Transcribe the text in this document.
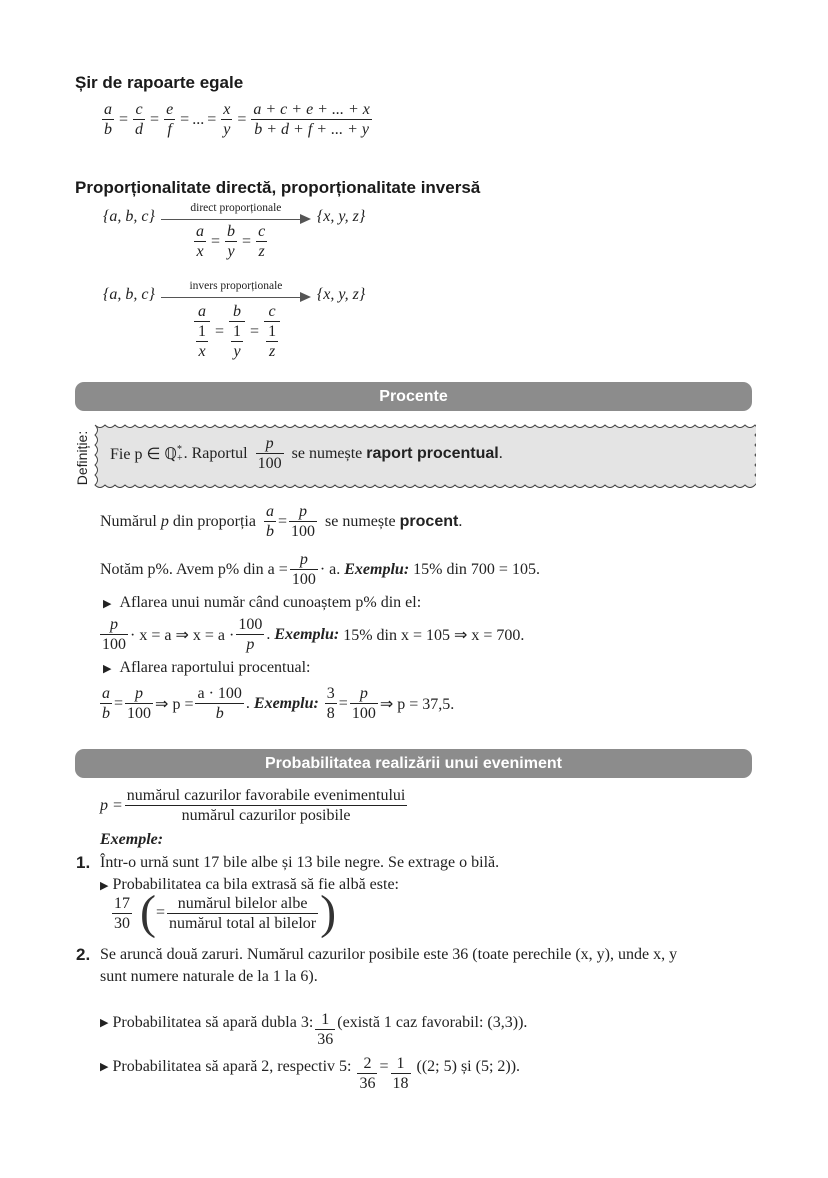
Șir de rapoarte egale
$\frac{a}{b} = \frac{c}{d} = \frac{e}{f}$ = ... = $\frac{x}{y} = \frac{a + c + e + ... + x}{b + d + f + ... + y}$
Proporționalitate directă, proporționalitate inversă
{a, b, c}	direct proporționale	{x, y, z}
$\frac{a}{x} = \frac{b}{y} = \frac{c}{z}$
{a, b, c}	invers proporționale	{x, y, z}
$\frac{a}{\frac{1}{x}} = \frac{b}{\frac{1}{y}} = \frac{c}{\frac{1}{z}}$
Procente
Definiție: Fie p ∈ ℚ *
+ . Raportul
p
100
se numește
raport procentual .
Numărul
p
din proporția $\frac{a}{b} = \frac{p}{100}$ se numește
procent .
Notăm p%. Avem p% din $a = \frac{p}{100} \cdot a$.
Exemplu:
15% din 700 = 105.
▶ Aflarea unui număr când cunoaștem p% din el:
p
100
· x = a ⇒ x = a ·
100
p
. Exemplu:
15% din x = 105 ⇒ x = 700.
▶ Aflarea raportului procentual:
$\frac{a}{b} = \frac{p}{100}$ ⇒ $p = \frac{a \cdot 100}{b}$ . Exemplu:
$\frac{3}{8} = \frac{p}{100}$ ⇒ p = 37,5.
Probabilitatea realizării unui eveniment
p =
numărul cazurilor favorabile evenimentului
numărul cazurilor posibile
Exemple:
1. Într-o urnă sunt 17 bile albe și 13 bile negre. Se extrage o bilă.
▶ Probabilitatea ca bila extrasă să fie albă este:
17
30 ( =
numărul bilelor albe
numărul total al bilelor )
2. Se aruncă două zaruri. Numărul cazurilor posibile este 36 (toate perechile (x, y), unde x, y
sunt numere naturale de la 1 la 6).
▶ Probabilitatea să apară dubla 3: 1
36
(există 1 caz favorabil: (3,3)).
▶ Probabilitatea să apară 2, respectiv 5:
$\frac{2}{36} = \frac{1}{18}$
((2; 5) și (5; 2)).
